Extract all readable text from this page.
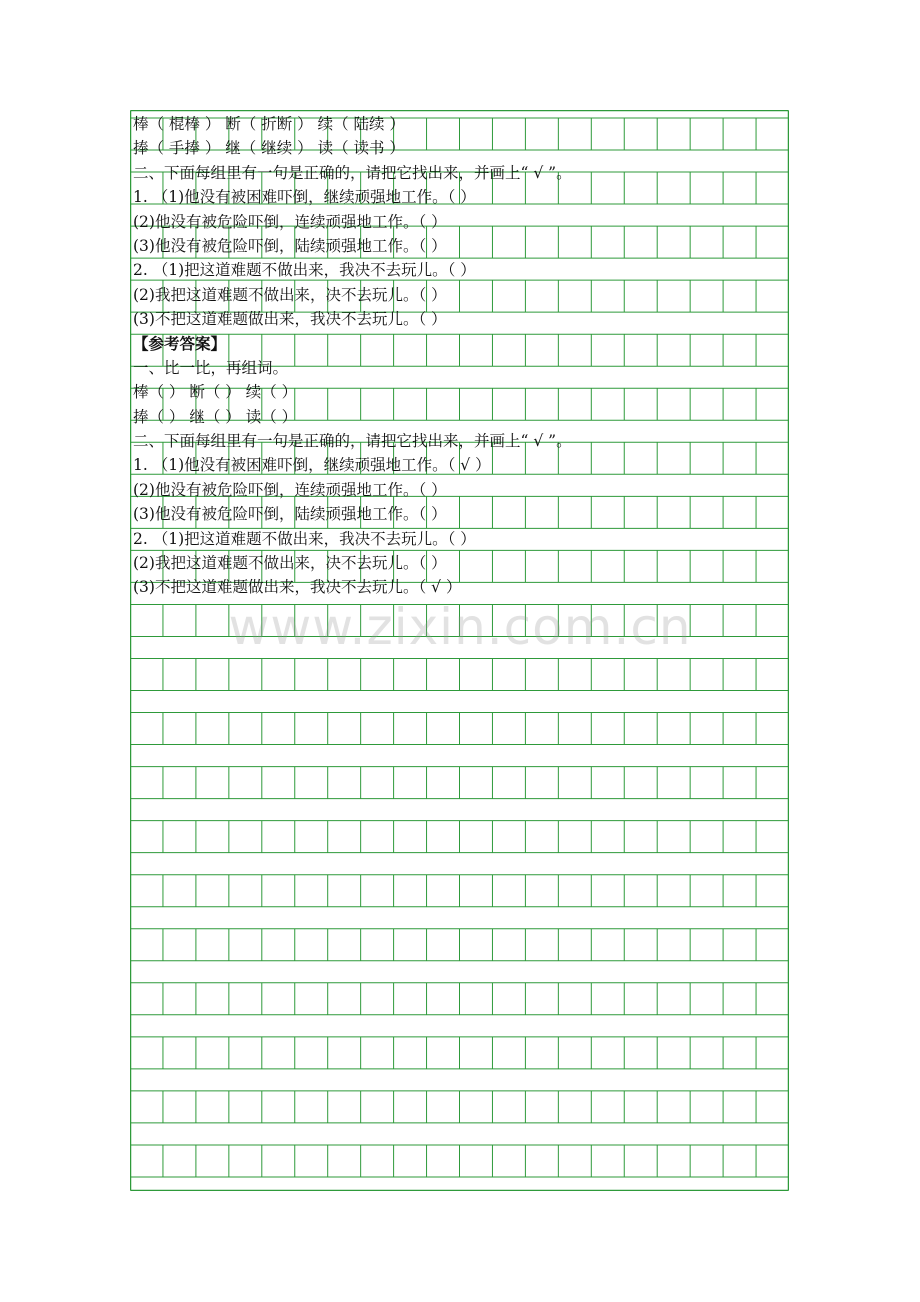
棒（ 棍棒 ） 断（ 折断 ） 续（ 陆续 ）
捧（ 手捧 ） 继（ 继续 ） 读（ 读书 ）
二、下面每组里有一句是正确的，请把它找出来，并画上“ √ ”。
1. （1)他没有被困难吓倒，继续顽强地工作。（ ）
(2)他没有被危险吓倒，连续顽强地工作。（ ）
(3)他没有被危险吓倒，陆续顽强地工作。（ ）
2. （1)把这道难题不做出来，我决不去玩儿。（ ）
(2)我把这道难题不做出来，决不去玩儿。（ ）
(3)不把这道难题做出来，我决不去玩儿。（ ）
【参考答案】
一、比一比，再组词。
棒（ ） 断（ ） 续（ ）
捧（ ） 继（ ） 读（ ）
二、下面每组里有一句是正确的，请把它找出来，并画上“ √ ”。
1. （1)他没有被困难吓倒，继续顽强地工作。（ √ ）
(2)他没有被危险吓倒，连续顽强地工作。（ ）
(3)他没有被危险吓倒，陆续顽强地工作。（ ）
2. （1)把这道难题不做出来，我决不去玩儿。（ ）
(2)我把这道难题不做出来，决不去玩儿。（ ）
(3)不把这道难题做出来，我决不去玩儿。（ √ ）
www.zixin.com.cn
